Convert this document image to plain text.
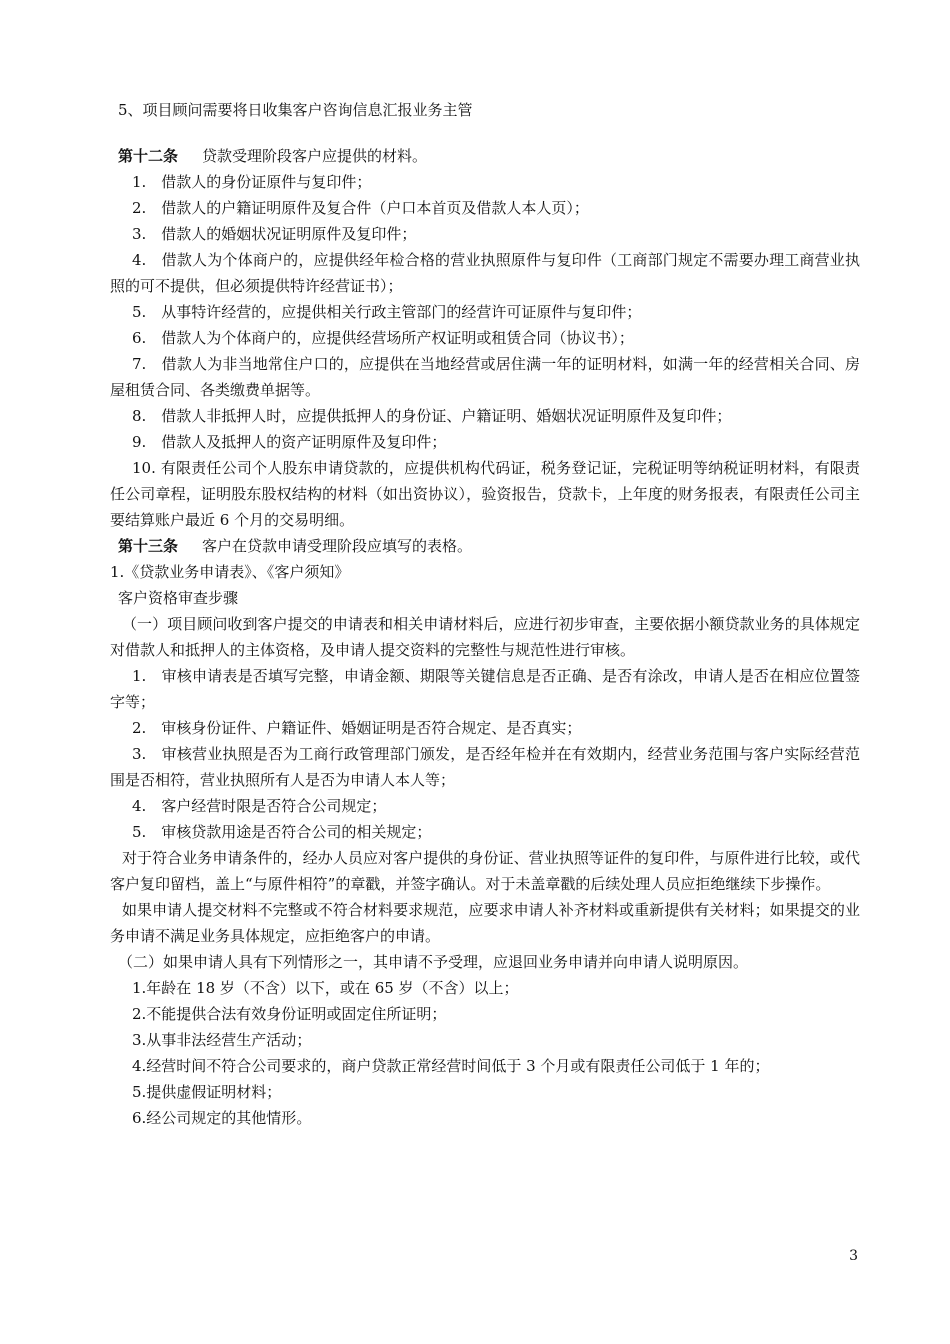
5、项目顾问需要将日收集客户咨询信息汇报业务主管
第十二条 贷款受理阶段客户应提供的材料。
1.　借款人的身份证原件与复印件；
2.　借款人的户籍证明原件及复合件（户口本首页及借款人本人页）；
3.　借款人的婚姻状况证明原件及复印件；
4.　借款人为个体商户的，应提供经年检合格的营业执照原件与复印件（工商部门规定不需要办理工商营业执照的可不提供，但必须提供特许经营证书）；
5.　从事特许经营的，应提供相关行政主管部门的经营许可证原件与复印件；
6.　借款人为个体商户的，应提供经营场所产权证明或租赁合同（协议书）；
7.　借款人为非当地常住户口的，应提供在当地经营或居住满一年的证明材料，如满一年的经营相关合同、房屋租赁合同、各类缴费单据等。
8.　借款人非抵押人时，应提供抵押人的身份证、户籍证明、婚姻状况证明原件及复印件；
9.　借款人及抵押人的资产证明原件及复印件；
10. 有限责任公司个人股东申请贷款的，应提供机构代码证，税务登记证，完税证明等纳税证明材料，有限责任公司章程，证明股东股权结构的材料（如出资协议），验资报告，贷款卡，上年度的财务报表，有限责任公司主要结算账户最近 6 个月的交易明细。
第十三条 客户在贷款申请受理阶段应填写的表格。
1.《贷款业务申请表》、《客户须知》
客户资格审查步骤
（一）项目顾问收到客户提交的申请表和相关申请材料后，应进行初步审查，主要依据小额贷款业务的具体规定对借款人和抵押人的主体资格，及申请人提交资料的完整性与规范性进行审核。
1.　审核申请表是否填写完整，申请金额、期限等关键信息是否正确、是否有涂改，申请人是否在相应位置签字等；
2.　审核身份证件、户籍证件、婚姻证明是否符合规定、是否真实；
3.　审核营业执照是否为工商行政管理部门颁发，是否经年检并在有效期内，经营业务范围与客户实际经营范围是否相符，营业执照所有人是否为申请人本人等；
4.　客户经营时限是否符合公司规定；
5.　审核贷款用途是否符合公司的相关规定；
对于符合业务申请条件的，经办人员应对客户提供的身份证、营业执照等证件的复印件，与原件进行比较，或代客户复印留档，盖上“与原件相符”的章戳，并签字确认。对于未盖章戳的后续处理人员应拒绝继续下步操作。
如果申请人提交材料不完整或不符合材料要求规范，应要求申请人补齐材料或重新提供有关材料；如果提交的业务申请不满足业务具体规定，应拒绝客户的申请。
（二）如果申请人具有下列情形之一，其申请不予受理，应退回业务申请并向申请人说明原因。
1.年龄在 18 岁（不含）以下，或在 65 岁（不含）以上；
2.不能提供合法有效身份证明或固定住所证明；
3.从事非法经营生产活动；
4.经营时间不符合公司要求的，商户贷款正常经营时间低于 3 个月或有限责任公司低于 1 年的；
5.提供虚假证明材料；
6.经公司规定的其他情形。
3
